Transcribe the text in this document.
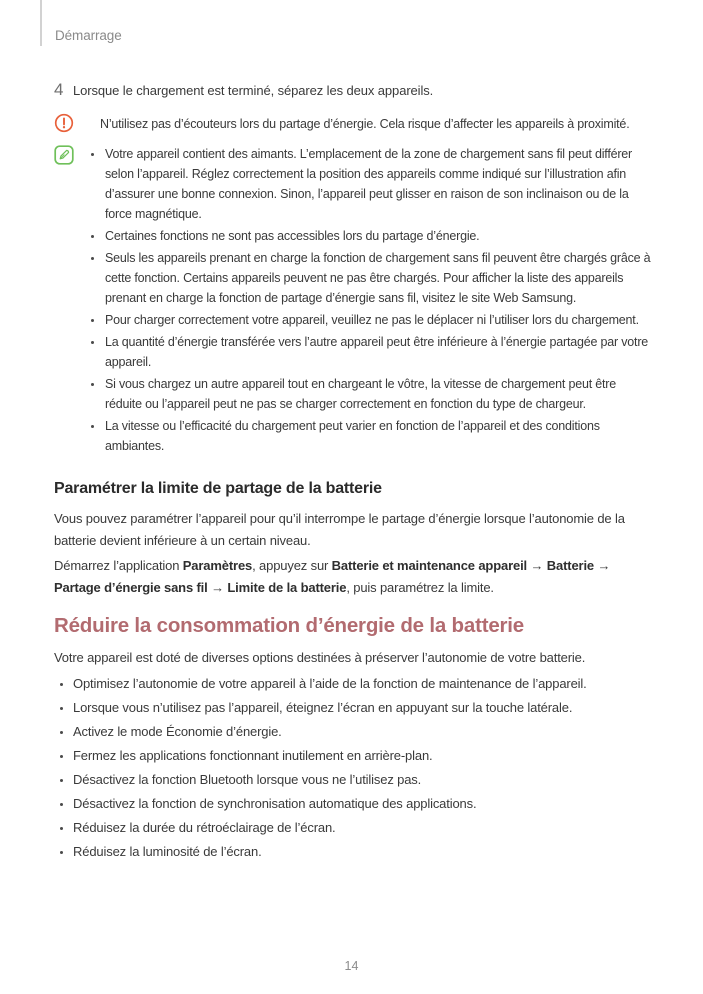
Démarrage
4 Lorsque le chargement est terminé, séparez les deux appareils.
N’utilisez pas d’écouteurs lors du partage d’énergie. Cela risque d’affecter les appareils à proximité.
Votre appareil contient des aimants. L’emplacement de la zone de chargement sans fil peut différer selon l’appareil. Réglez correctement la position des appareils comme indiqué sur l’illustration afin d’assurer une bonne connexion. Sinon, l’appareil peut glisser en raison de son inclinaison ou de la force magnétique.
Certaines fonctions ne sont pas accessibles lors du partage d’énergie.
Seuls les appareils prenant en charge la fonction de chargement sans fil peuvent être chargés grâce à cette fonction. Certains appareils peuvent ne pas être chargés. Pour afficher la liste des appareils prenant en charge la fonction de partage d’énergie sans fil, visitez le site Web Samsung.
Pour charger correctement votre appareil, veuillez ne pas le déplacer ni l’utiliser lors du chargement.
La quantité d’énergie transférée vers l’autre appareil peut être inférieure à l’énergie partagée par votre appareil.
Si vous chargez un autre appareil tout en chargeant le vôtre, la vitesse de chargement peut être réduite ou l’appareil peut ne pas se charger correctement en fonction du type de chargeur.
La vitesse ou l’efficacité du chargement peut varier en fonction de l’appareil et des conditions ambiantes.
Paramétrer la limite de partage de la batterie

Vous pouvez paramétrer l’appareil pour qu’il interrompe le partage d’énergie lorsque l’autonomie de la batterie devient inférieure à un certain niveau.

Démarrez l’application Paramètres, appuyez sur Batterie et maintenance appareil → Batterie → Partage d’énergie sans fil → Limite de la batterie, puis paramétrez la limite.

Réduire la consommation d’énergie de la batterie

Votre appareil est doté de diverses options destinées à préserver l’autonomie de votre batterie.

Optimisez l’autonomie de votre appareil à l’aide de la fonction de maintenance de l’appareil.
Lorsque vous n’utilisez pas l’appareil, éteignez l’écran en appuyant sur la touche latérale.
Activez le mode Économie d’énergie.
Fermez les applications fonctionnant inutilement en arrière-plan.
Désactivez la fonction Bluetooth lorsque vous ne l’utilisez pas.
Désactivez la fonction de synchronisation automatique des applications.
Réduisez la durée du rétroéclairage de l’écran.
Réduisez la luminosité de l’écran.
14
